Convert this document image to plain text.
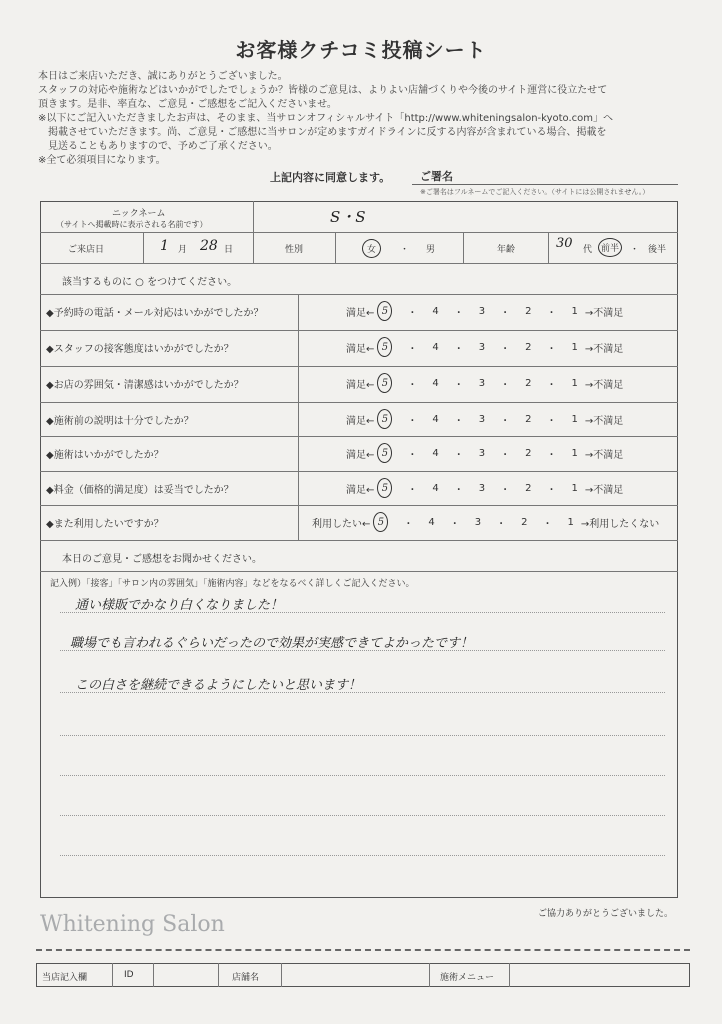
お客様クチコミ投稿シート
本日はご来店いただき、誠にありがとうございました。
スタッフの対応や施術などはいかがでしたでしょうか？皆様のご意見は、よりよい店舗づくりや今後のサイト運営に役立たせて
頂きます。是非、率直な、ご意見・ご感想をご記入くださいませ。
※以下にご記入いただきましたお声は、そのまま、当サロンオフィシャルサイト「http://www.whiteningsalon-kyoto.com」へ
　掲載させていただきます。尚、ご意見・ご感想に当サロンが定めますガイドラインに反する内容が含まれている場合、掲載を
　見送ることもありますので、予めご了承ください。
※全て必須項目になります。
上記内容に同意します。	ご署名
※ご署名はフルネームでご記入ください。（サイトには公開されません。）
ニックネーム
（サイトへ掲載時に表示される名前です）	S・S
ご来店日	1 月 28 日	性別	女	・ 男	年齢	30 代 前半	・ 後半
該当するものに ○ をつけてください。
◆予約時の電話・メール対応はいかがでしたか？	満足← 5	・ 4 ・ 3 ・ 2 ・ 1 →不満足
◆スタッフの接客態度はいかがでしたか？	満足← 5	・ 4 ・ 3 ・ 2 ・ 1 →不満足
◆お店の雰囲気・清潔感はいかがでしたか？	満足← 5	・ 4 ・ 3 ・ 2 ・ 1 →不満足
◆施術前の説明は十分でしたか？	満足← 5	・ 4 ・ 3 ・ 2 ・ 1 →不満足
◆施術はいかがでしたか？	満足← 5	・ 4 ・ 3 ・ 2 ・ 1 →不満足
◆料金（価格的満足度）は妥当でしたか？	満足← 5	・ 4 ・ 3 ・ 2 ・ 1 →不満足
◆また利用したいですか？	利用したい← 5	・ 4 ・ 3 ・ 2 ・ 1 →利用したくない
本日のご意見・ご感想をお聞かせください。
記入例）「接客」「サロン内の雰囲気」「施術内容」などをなるべく詳しくご記入ください。
通い様販でかなり白くなりました！
職場でも言われるぐらいだったので効果が実感できてよかったです！
この白さを継続できるようにしたいと思います！
ご協力ありがとうございました。
Whitening Salon
当店記入欄	ID	店舗名	施術メニュー
